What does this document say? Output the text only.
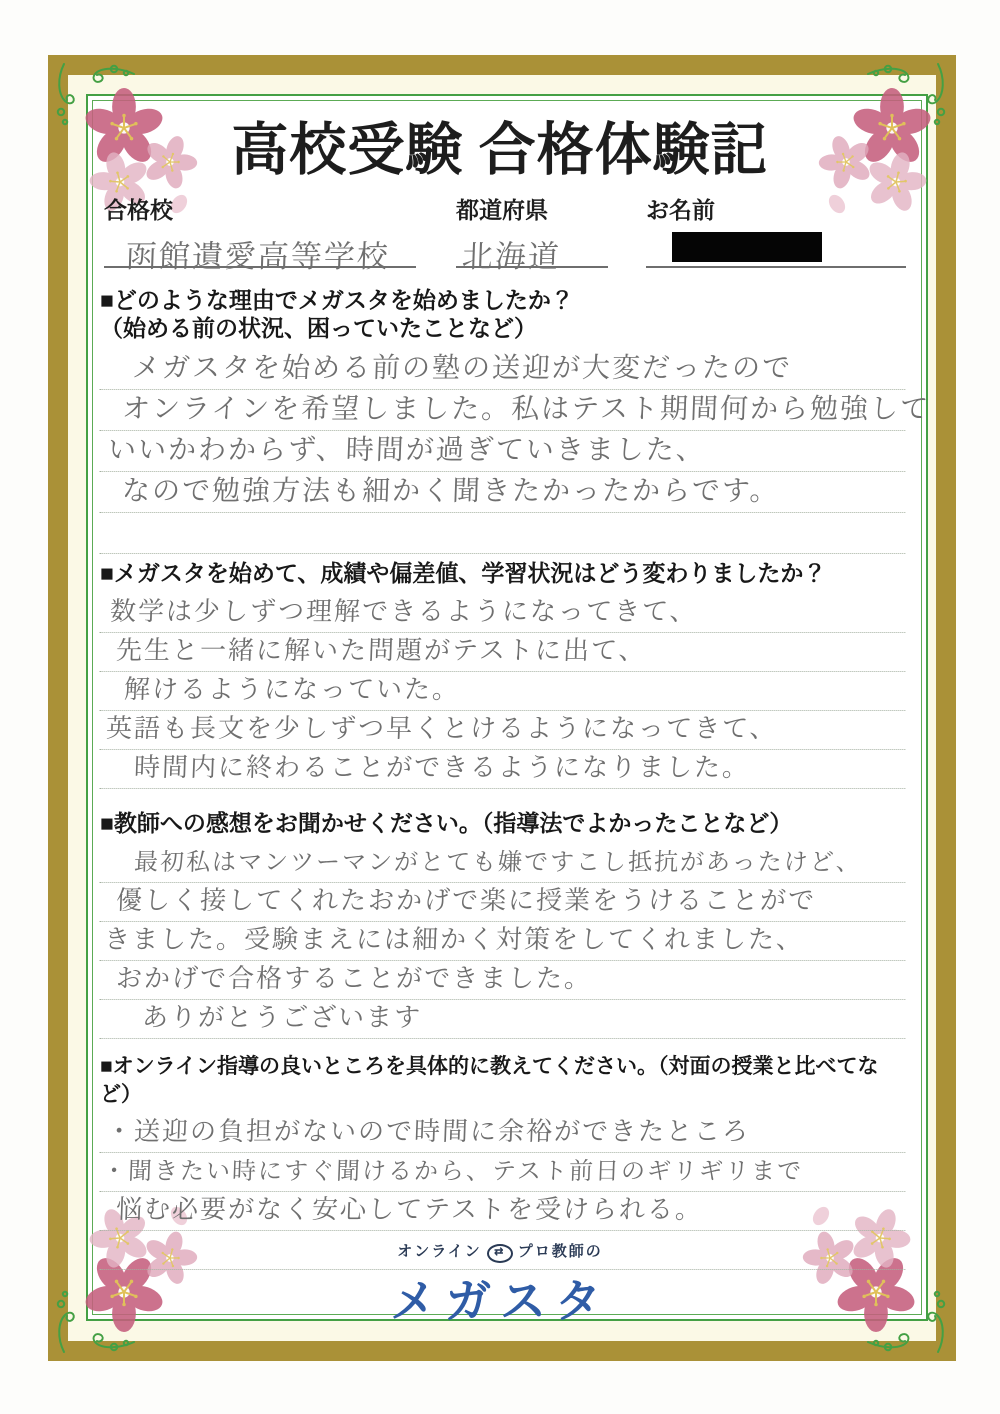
高校受験 合格体験記
合格校
函館遺愛高等学校
都道府県
北海道
お名前

■どのような理由でメガスタを始めましたか？

（始める前の状況、困っていたことなど）

メガスタを始める前の塾の送迎が大変だったので
オンラインを希望しました。私はテスト期間何から勉強して
いいかわからず、時間が過ぎていきました、
なので勉強方法も細かく聞きたかったからです。

■メガスタを始めて、成績や偏差値、学習状況はどう変わりましたか？

数学は少しずつ理解できるようになってきて、
先生と一緒に解いた問題がテストに出て、
解けるようになっていた。
英語も長文を少しずつ早くとけるようになってきて、
時間内に終わることができるようになりました。

■教師への感想をお聞かせください。（指導法でよかったことなど）

最初私はマンツーマンがとても嫌ですこし抵抗があったけど、
優しく接してくれたおかげで楽に授業をうけることがで
きました。受験まえには細かく対策をしてくれました、
おかげで合格することができました。
ありがとうございます

■オンライン指導の良いところを具体的に教えてください。（対面の授業と比べてなど）

・送迎の負担がないので時間に余裕ができたところ
・聞きたい時にすぐ聞けるから、テスト前日のギリギリまで
悩む必要がなく安心してテストを受けられる。
オンライン ⇄ プロ教師の
メガスタ
